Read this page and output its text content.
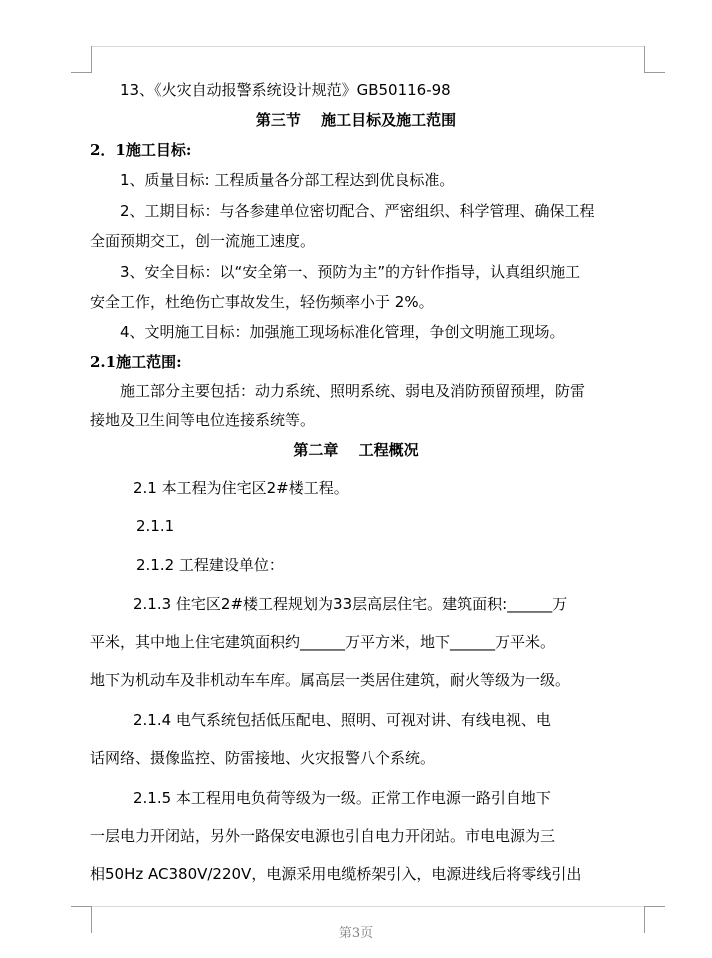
13、《火灾自动报警系统设计规范》GB50116-98
第三节　 施工目标及施工范围
2．1施工目标:
1、质量目标: 工程质量各分部工程达到优良标准。
2、工期目标：与各参建单位密切配合、严密组织、科学管理、确保工程
全面预期交工，创一流施工速度。
3、安全目标：以“安全第一、预防为主”的方针作指导，认真组织施工
安全工作，杜绝伤亡事故发生，轻伤频率小于 2%。
4、文明施工目标：加强施工现场标准化管理，争创文明施工现场。
2.1施工范围:
施工部分主要包括：动力系统、照明系统、弱电及消防预留预埋，防雷
接地及卫生间等电位连接系统等。
第二章　 工程概况
2.1 本工程为住宅区2#楼工程。
2.1.1
2.1.2 工程建设单位：
2.1.3 住宅区2#楼工程规划为33层高层住宅。建筑面积:______万
平米，其中地上住宅建筑面积约______万平方米，地下______万平米。
地下为机动车及非机动车车库。属高层一类居住建筑，耐火等级为一级。
2.1.4 电气系统包括低压配电、照明、可视对讲、有线电视、电
话网络、摄像监控、防雷接地、火灾报警八个系统。
2.1.5 本工程用电负荷等级为一级。正常工作电源一路引自地下
一层电力开闭站，另外一路保安电源也引自电力开闭站。市电电源为三
相50Hz AC380V/220V，电源采用电缆桥架引入，电源进线后将零线引出
第3页
